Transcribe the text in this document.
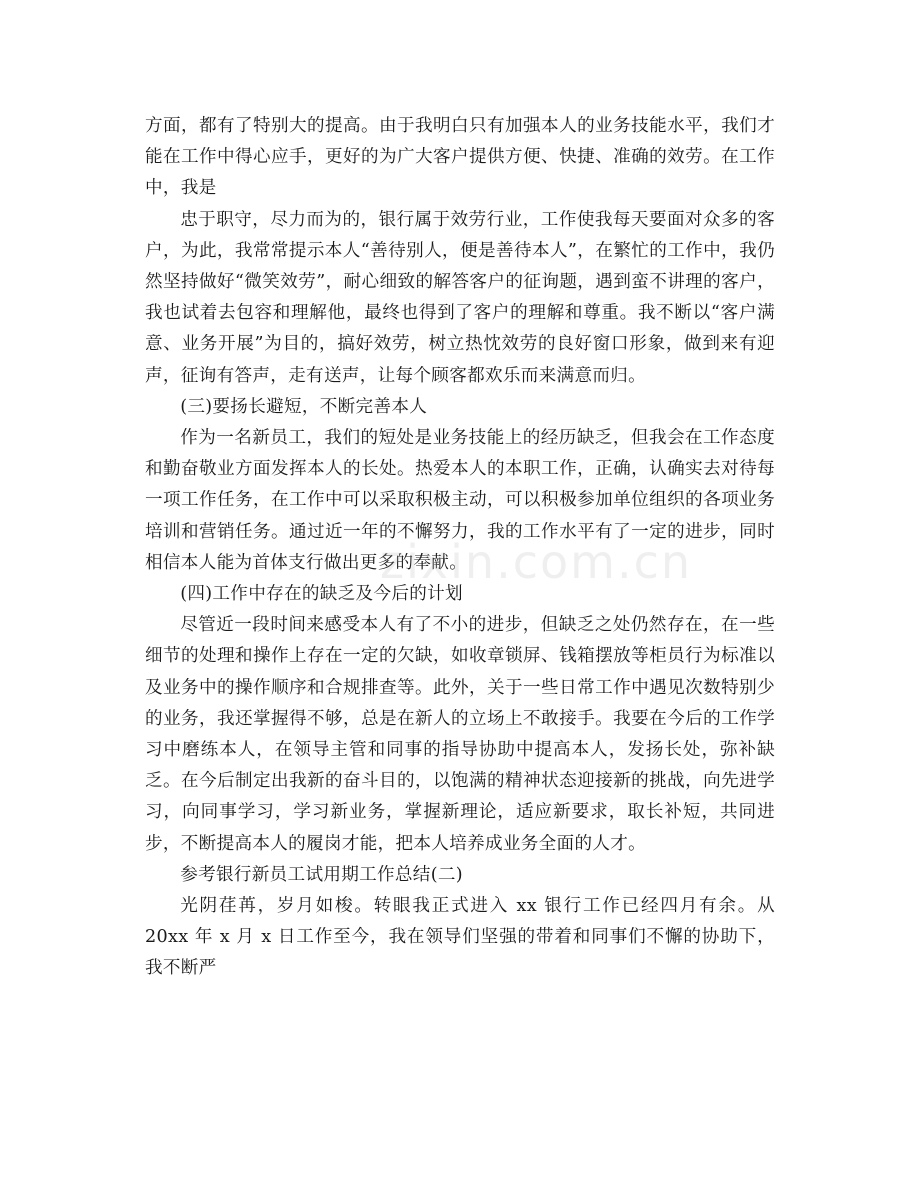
方面，都有了特别大的提高。由于我明白只有加强本人的业务技能水平，我们才能在工作中得心应手，更好的为广大客户提供方便、快捷、准确的效劳。在工作中，我是

忠于职守，尽力而为的，银行属于效劳行业，工作使我每天要面对众多的客户，为此，我常常提示本人“善待别人，便是善待本人”，在繁忙的工作中，我仍然坚持做好“微笑效劳”，耐心细致的解答客户的征询题，遇到蛮不讲理的客户，我也试着去包容和理解他，最终也得到了客户的理解和尊重。我不断以“客户满意、业务开展”为目的，搞好效劳，树立热忱效劳的良好窗口形象，做到来有迎声，征询有答声，走有送声，让每个顾客都欢乐而来满意而归。

(三)要扬长避短，不断完善本人

作为一名新员工，我们的短处是业务技能上的经历缺乏，但我会在工作态度和勤奋敬业方面发挥本人的长处。热爱本人的本职工作，正确，认确实去对待每一项工作任务，在工作中可以采取积极主动，可以积极参加单位组织的各项业务培训和营销任务。通过近一年的不懈努力，我的工作水平有了一定的进步，同时相信本人能为首体支行做出更多的奉献。

(四)工作中存在的缺乏及今后的计划

尽管近一段时间来感受本人有了不小的进步，但缺乏之处仍然存在，在一些细节的处理和操作上存在一定的欠缺，如收章锁屏、钱箱摆放等柜员行为标准以及业务中的操作顺序和合规排查等。此外，关于一些日常工作中遇见次数特别少的业务，我还掌握得不够，总是在新人的立场上不敢接手。我要在今后的工作学习中磨练本人，在领导主管和同事的指导协助中提高本人，发扬长处，弥补缺乏。在今后制定出我新的奋斗目的，以饱满的精神状态迎接新的挑战，向先进学习，向同事学习，学习新业务，掌握新理论，适应新要求，取长补短，共同进步，不断提高本人的履岗才能，把本人培养成业务全面的人才。

参考银行新员工试用期工作总结(二)

光阴荏苒，岁月如梭。转眼我正式进入 xx 银行工作已经四月有余。从 20xx 年 x 月 x 日工作至今，我在领导们坚强的带着和同事们不懈的协助下，我不断严

zixin.com.cn
